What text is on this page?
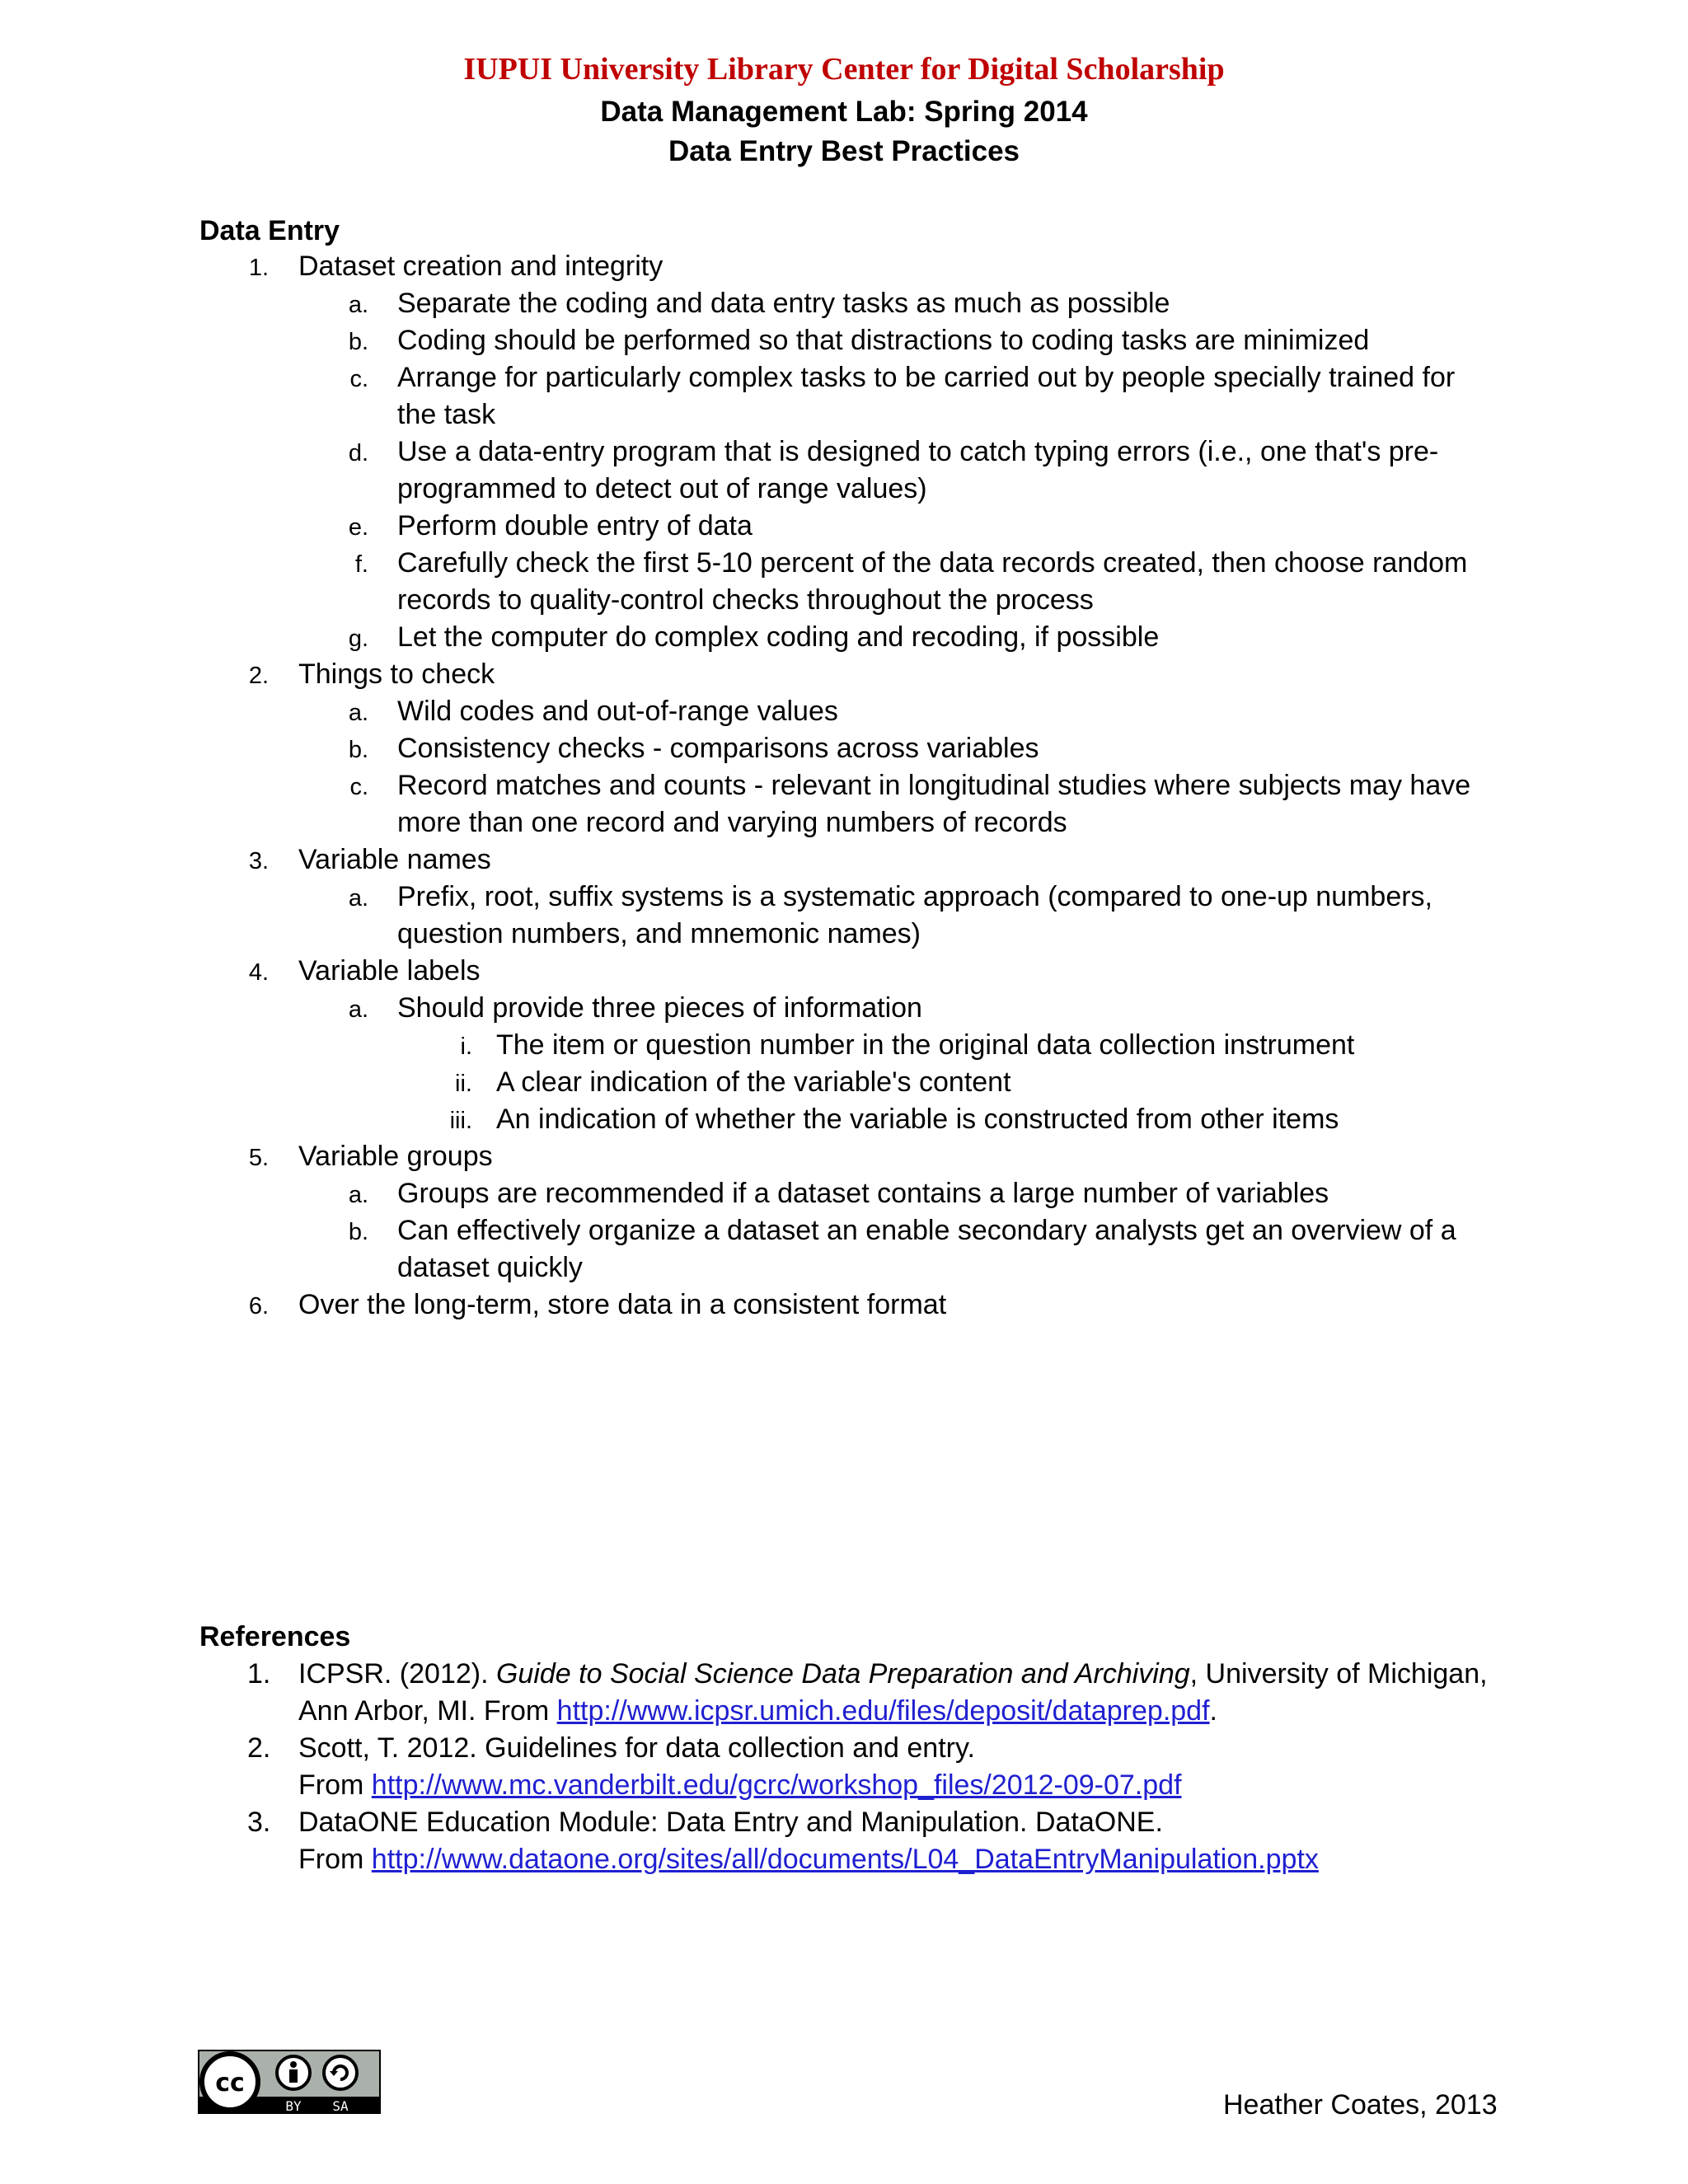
IUPUI University Library Center for Digital Scholarship
Data Management Lab: Spring 2014
Data Entry Best Practices
Data Entry
1. Dataset creation and integrity
a. Separate the coding and data entry tasks as much as possible
b. Coding should be performed so that distractions to coding tasks are minimized
c. Arrange for particularly complex tasks to be carried out by people specially trained for
the task
d. Use a data-entry program that is designed to catch typing errors (i.e., one that's pre-
programmed to detect out of range values)
e. Perform double entry of data
f. Carefully check the first 5-10 percent of the data records created, then choose random
records to quality-control checks throughout the process
g. Let the computer do complex coding and recoding, if possible
2. Things to check
a. Wild codes and out-of-range values
b. Consistency checks - comparisons across variables
c. Record matches and counts - relevant in longitudinal studies where subjects may have
more than one record and varying numbers of records
3. Variable names
a. Prefix, root, suffix systems is a systematic approach (compared to one-up numbers,
question numbers, and mnemonic names)
4. Variable labels
a. Should provide three pieces of information
i. The item or question number in the original data collection instrument
ii. A clear indication of the variable's content
iii. An indication of whether the variable is constructed from other items
5. Variable groups
a. Groups are recommended if a dataset contains a large number of variables
b. Can effectively organize a dataset an enable secondary analysts get an overview of a
dataset quickly
6. Over the long-term, store data in a consistent format
References
1. ICPSR. (2012). Guide to Social Science Data Preparation and Archiving, University of Michigan,
Ann Arbor, MI. From http://www.icpsr.umich.edu/files/deposit/dataprep.pdf.
2. Scott, T. 2012. Guidelines for data collection and entry.
From http://www.mc.vanderbilt.edu/gcrc/workshop_files/2012-09-07.pdf
3. DataONE Education Module: Data Entry and Manipulation. DataONE.
From http://www.dataone.org/sites/all/documents/L04_DataEntryManipulation.pptx
cc
BY SA	Heather Coates, 2013
